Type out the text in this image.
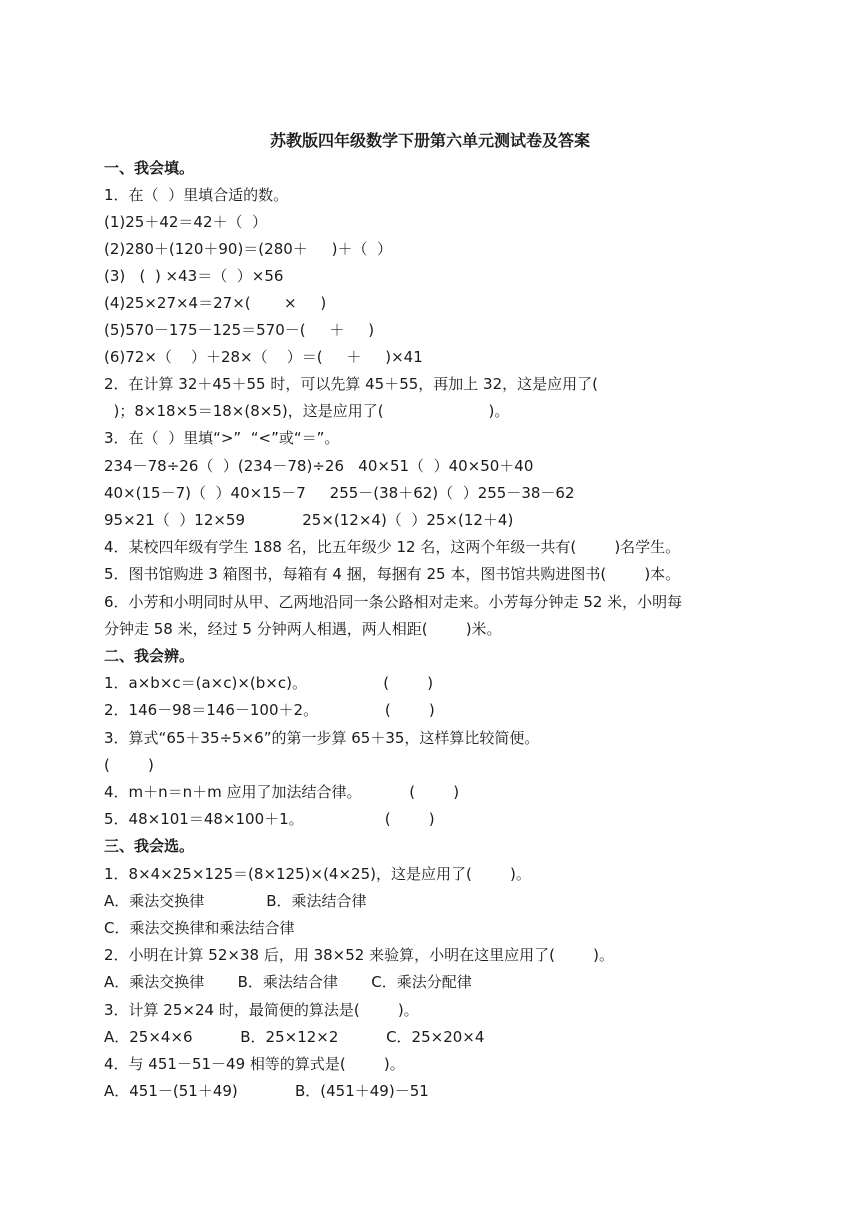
苏教版四年级数学下册第六单元测试卷及答案
一、我会填。
1．在（  ）里填合适的数。
(1)25＋42＝42＋（  ）
(2)280＋(120＋90)＝(280＋     )＋（  ）
(3)   (  ) ×43＝（  ）×56
(4)25×27×4＝27×(       ×     )
(5)570－175－125＝570－(     ＋     )
(6)72×（    ）＋28×（    ）＝(     ＋     )×41
2．在计算 32＋45＋55 时，可以先算 45＋55，再加上 32，这是应用了(
)；8×18×5＝18×(8×5)，这是应用了(                      )。
3．在（  ）里填“>”  “<”或“＝”。
234－78÷26（  ）(234－78)÷26   40×51（  ）40×50＋40
40×(15－7)（  ）40×15－7     255－(38＋62)（  ）255－38－62
95×21（  ）12×59            25×(12×4)（  ）25×(12＋4)
4．某校四年级有学生 188 名，比五年级少 12 名，这两个年级一共有(        )名学生。
5．图书馆购进 3 箱图书，每箱有 4 捆，每捆有 25 本，图书馆共购进图书(        )本。
6．小芳和小明同时从甲、乙两地沿同一条公路相对走来。小芳每分钟走 52 米，小明每
分钟走 58 米，经过 5 分钟两人相遇，两人相距(        )米。
二、我会辨。
1．a×b×c＝(a×c)×(b×c)。                (        )
2．146－98＝146－100＋2。              (        )
3．算式“65＋35÷5×6”的第一步算 65＋35，这样算比较简便。
(        )
4．m＋n＝n＋m 应用了加法结合律。          (        )
5．48×101＝48×100＋1。                 (        )
三、我会选。
1．8×4×25×125＝(8×125)×(4×25)，这是应用了(        )。
A．乘法交换律             B．乘法结合律
C．乘法交换律和乘法结合律
2．小明在计算 52×38 后，用 38×52 来验算，小明在这里应用了(        )。
A．乘法交换律       B．乘法结合律       C．乘法分配律
3．计算 25×24 时，最简便的算法是(        )。
A．25×4×6          B．25×12×2          C．25×20×4
4．与 451－51－49 相等的算式是(        )。
A．451－(51＋49)            B．(451＋49)－51
